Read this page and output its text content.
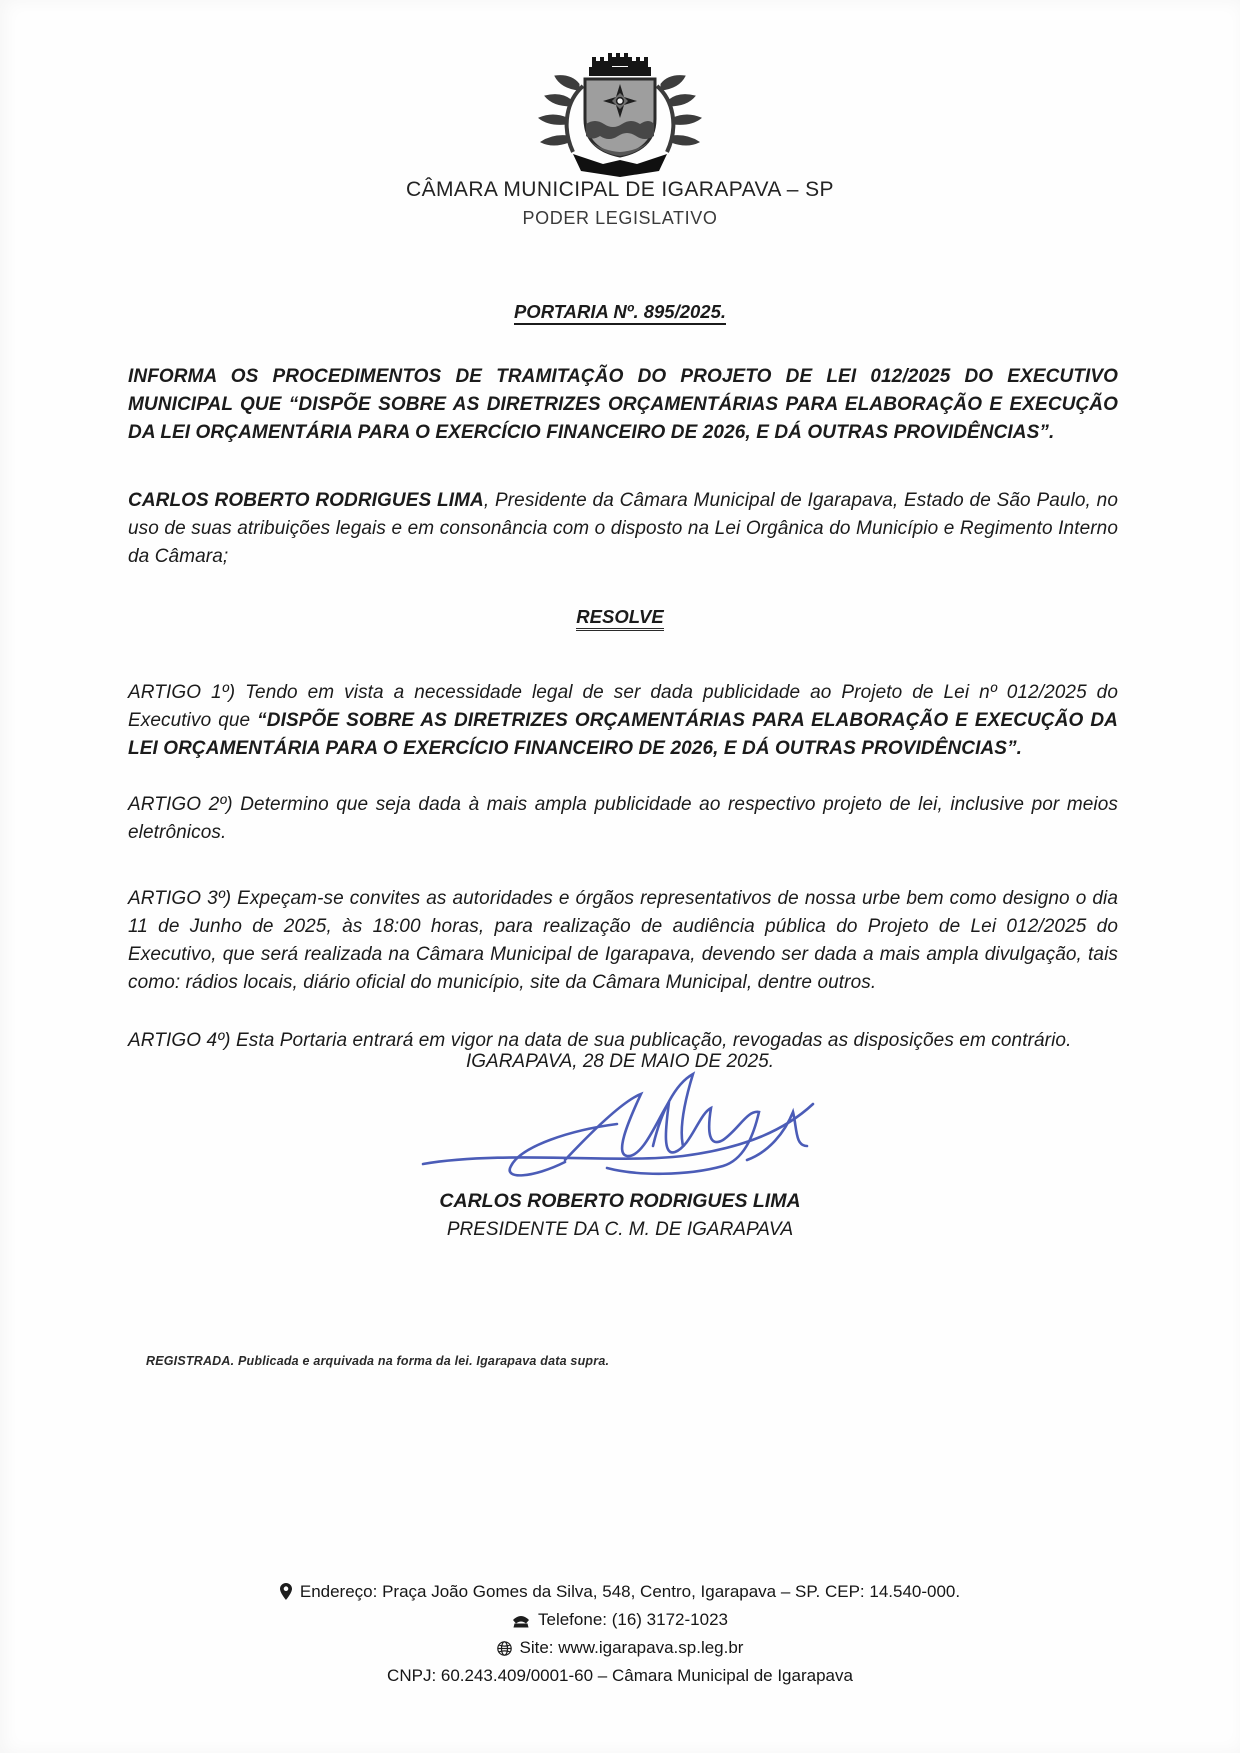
CÂMARA MUNICIPAL DE IGARAPAVA – SP
PODER LEGISLATIVO
PORTARIA Nº. 895/2025.

INFORMA OS PROCEDIMENTOS DE TRAMITAÇÃO DO PROJETO DE LEI 012/2025 DO EXECUTIVO MUNICIPAL QUE “DISPÕE SOBRE AS DIRETRIZES ORÇAMENTÁRIAS PARA ELABORAÇÃO E EXECUÇÃO DA LEI ORÇAMENTÁRIA PARA O EXERCÍCIO FINANCEIRO DE 2026, E DÁ OUTRAS PROVIDÊNCIAS”.

CARLOS ROBERTO RODRIGUES LIMA, Presidente da Câmara Municipal de Igarapava, Estado de São Paulo, no uso de suas atribuições legais e em consonância com o disposto na Lei Orgânica do Município e Regimento Interno da Câmara;

RESOLVE

ARTIGO 1º) Tendo em vista a necessidade legal de ser dada publicidade ao Projeto de Lei nº 012/2025 do Executivo que “DISPÕE SOBRE AS DIRETRIZES ORÇAMENTÁRIAS PARA ELABORAÇÃO E EXECUÇÃO DA LEI ORÇAMENTÁRIA PARA O EXERCÍCIO FINANCEIRO DE 2026, E DÁ OUTRAS PROVIDÊNCIAS”.

ARTIGO 2º) Determino que seja dada à mais ampla publicidade ao respectivo projeto de lei, inclusive por meios eletrônicos.

ARTIGO 3º) Expeçam-se convites as autoridades e órgãos representativos de nossa urbe bem como designo o dia 11 de Junho de 2025, às 18:00 horas, para realização de audiência pública do Projeto de Lei 012/2025 do Executivo, que será realizada na Câmara Municipal de Igarapava, devendo ser dada a mais ampla divulgação, tais como: rádios locais, diário oficial do município, site da Câmara Municipal, dentre outros.

ARTIGO 4º) Esta Portaria entrará em vigor na data de sua publicação, revogadas as disposições em contrário.

IGARAPAVA, 28 DE MAIO DE 2025.
CARLOS ROBERTO RODRIGUES LIMA
PRESIDENTE DA C. M. DE IGARAPAVA
REGISTRADA. Publicada e arquivada na forma da lei. Igarapava data supra.
Endereço: Praça João Gomes da Silva, 548, Centro, Igarapava – SP. CEP: 14.540-000.
Telefone: (16) 3172-1023
Site: www.igarapava.sp.leg.br
CNPJ: 60.243.409/0001-60 – Câmara Municipal de Igarapava
